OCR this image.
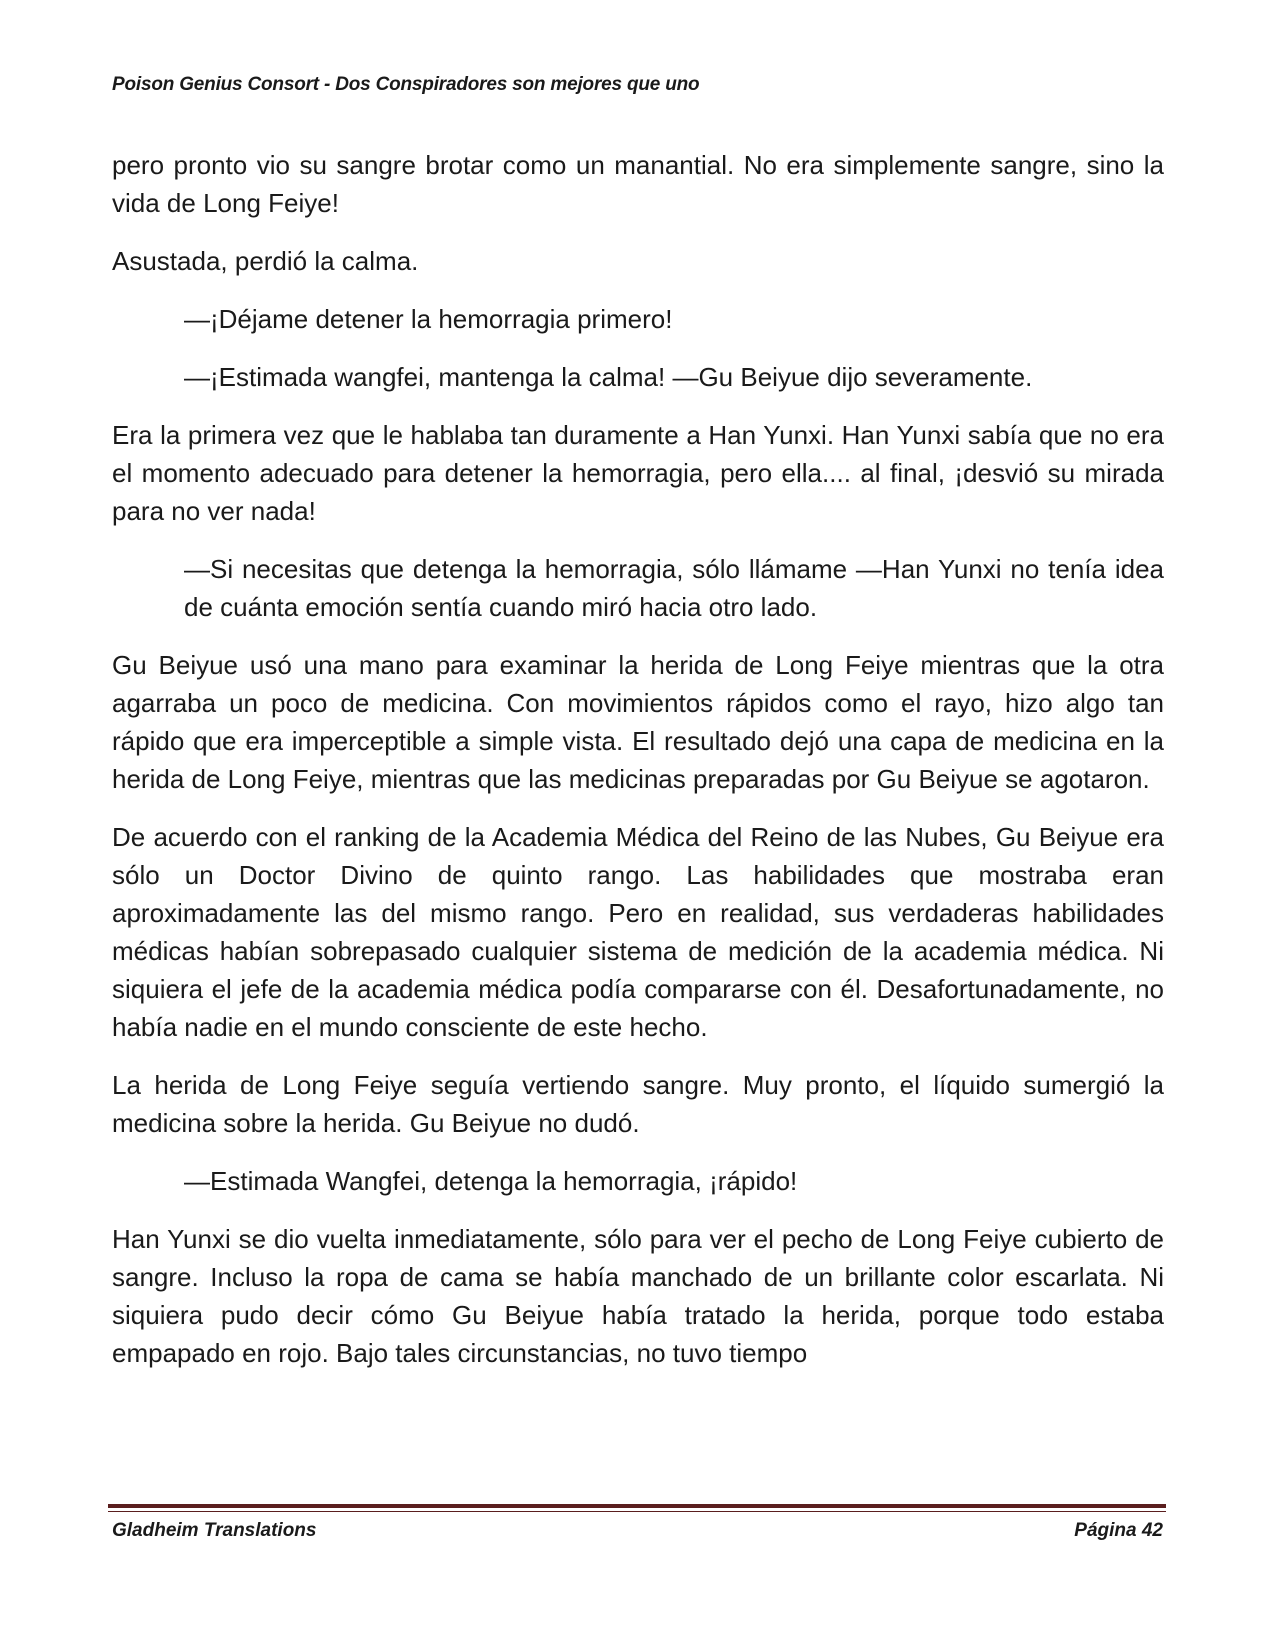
Poison Genius Consort - Dos Conspiradores son mejores que uno

pero pronto vio su sangre brotar como un manantial. No era simplemente sangre, sino la vida de Long Feiye!

Asustada, perdió la calma.

—¡Déjame detener la hemorragia primero!

—¡Estimada wangfei, mantenga la calma! —Gu Beiyue dijo severamente.

Era la primera vez que le hablaba tan duramente a Han Yunxi. Han Yunxi sabía que no era el momento adecuado para detener la hemorragia, pero ella.... al final, ¡desvió su mirada para no ver nada!

—Si necesitas que detenga la hemorragia, sólo llámame —Han Yunxi no tenía idea de cuánta emoción sentía cuando miró hacia otro lado.

Gu Beiyue usó una mano para examinar la herida de Long Feiye mientras que la otra agarraba un poco de medicina. Con movimientos rápidos como el rayo, hizo algo tan rápido que era imperceptible a simple vista. El resultado dejó una capa de medicina en la herida de Long Feiye, mientras que las medicinas preparadas por Gu Beiyue se agotaron.

De acuerdo con el ranking de la Academia Médica del Reino de las Nubes, Gu Beiyue era sólo un Doctor Divino de quinto rango. Las habilidades que mostraba eran aproximadamente las del mismo rango. Pero en realidad, sus verdaderas habilidades médicas habían sobrepasado cualquier sistema de medición de la academia médica. Ni siquiera el jefe de la academia médica podía compararse con él. Desafortunadamente, no había nadie en el mundo consciente de este hecho.

La herida de Long Feiye seguía vertiendo sangre. Muy pronto, el líquido sumergió la medicina sobre la herida. Gu Beiyue no dudó.

—Estimada Wangfei, detenga la hemorragia, ¡rápido!

Han Yunxi se dio vuelta inmediatamente, sólo para ver el pecho de Long Feiye cubierto de sangre. Incluso la ropa de cama se había manchado de un brillante color escarlata. Ni siquiera pudo decir cómo Gu Beiyue había tratado la herida, porque todo estaba empapado en rojo. Bajo tales circunstancias, no tuvo tiempo

Gladheim Translations	Página 42
